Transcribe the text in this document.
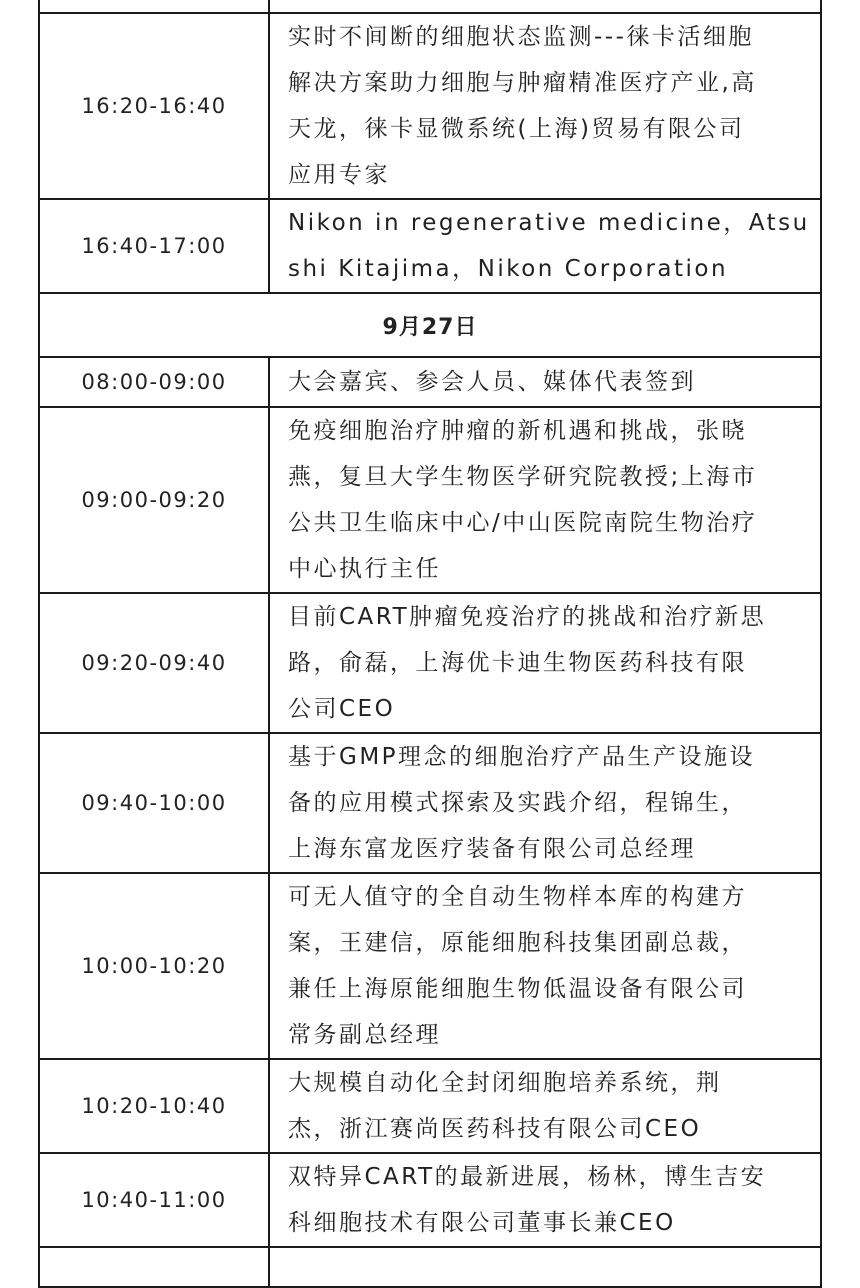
16:20-16:40	实时不间断的细胞状态监测---徕卡活细胞
解决方案助力细胞与肿瘤精准医疗产业,高
天龙，徕卡显微系统(上海)贸易有限公司
应用专家

16:40-17:00	Nikon in regenerative medicine，Atsu
shi Kitajima，Nikon Corporation

9月27日	
08:00-09:00	大会嘉宾、参会人员、媒体代表签到

09:00-09:20	免疫细胞治疗肿瘤的新机遇和挑战，张晓
燕，复旦大学生物医学研究院教授;上海市
公共卫生临床中心/中山医院南院生物治疗
中心执行主任

09:20-09:40	目前CART肿瘤免疫治疗的挑战和治疗新思
路，俞磊，上海优卡迪生物医药科技有限
公司CEO

09:40-10:00	基于GMP理念的细胞治疗产品生产设施设
备的应用模式探索及实践介绍，程锦生，
上海东富龙医疗装备有限公司总经理

10:00-10:20	可无人值守的全自动生物样本库的构建方
案，王建信，原能细胞科技集团副总裁，
兼任上海原能细胞生物低温设备有限公司
常务副总经理

10:20-10:40	大规模自动化全封闭细胞培养系统，荆
杰，浙江赛尚医药科技有限公司CEO

10:40-11:00	双特异CART的最新进展，杨林，博生吉安
科细胞技术有限公司董事长兼CEO
